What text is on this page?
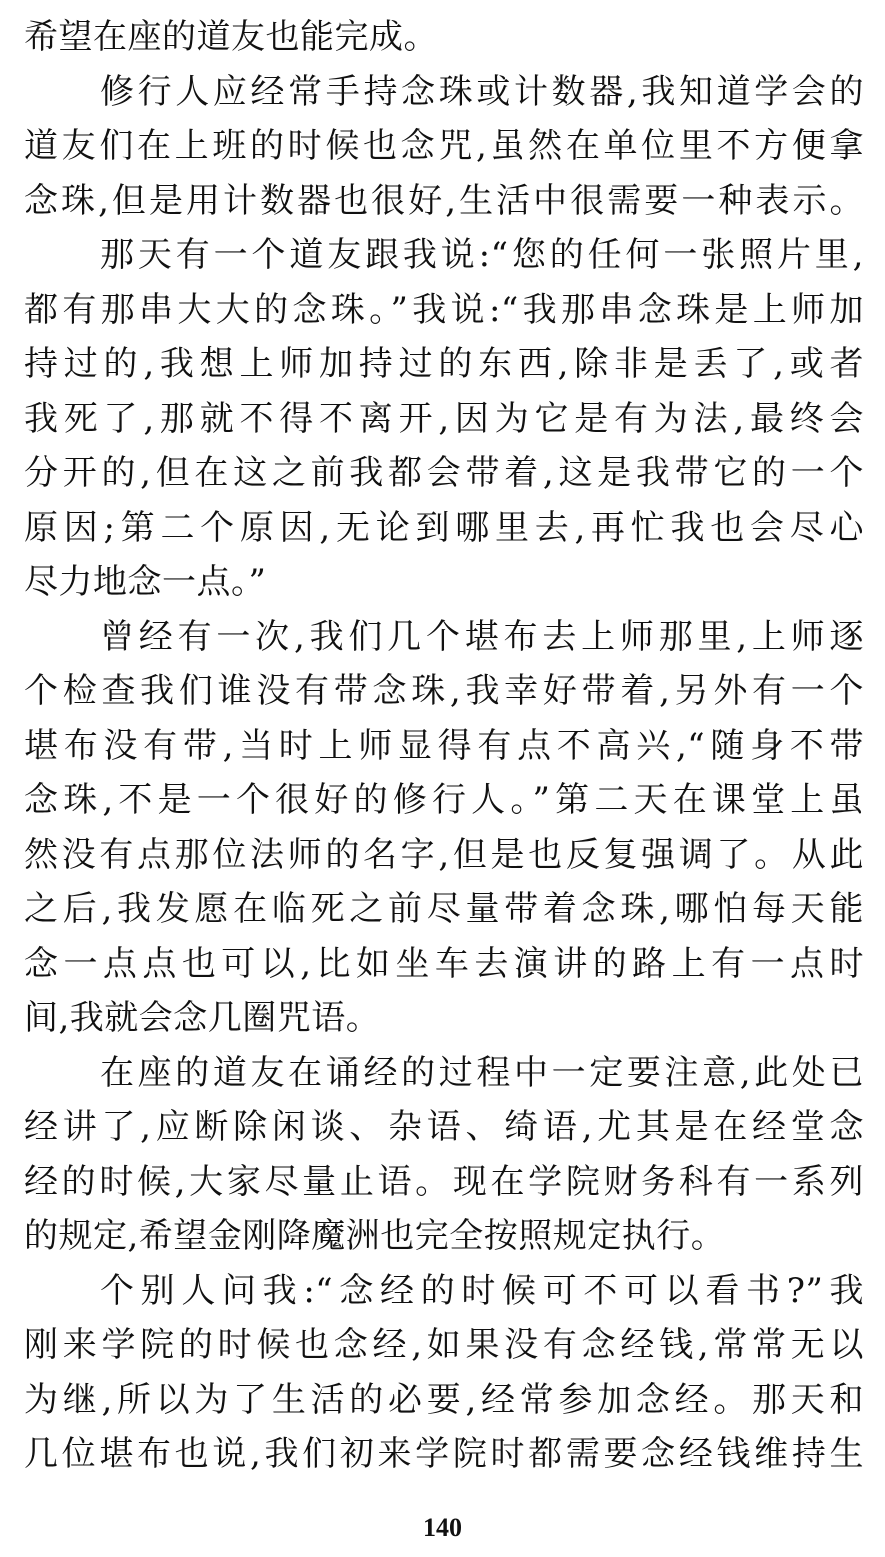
希望在座的道友也能完成。
修行人应经常手持念珠或计数器,我知道学会的
道友们在上班的时候也念咒,虽然在单位里不方便拿
念珠,但是用计数器也很好,生活中很需要一种表示。
那天有一个道友跟我说:“您的任何一张照片里,
都有那串大大的念珠。”我说:“我那串念珠是上师加
持过的,我想上师加持过的东西,除非是丢了,或者
我死了,那就不得不离开,因为它是有为法,最终会
分开的,但在这之前我都会带着,这是我带它的一个
原因;第二个原因,无论到哪里去,再忙我也会尽心
尽力地念一点。”
曾经有一次,我们几个堪布去上师那里,上师逐
个检查我们谁没有带念珠,我幸好带着,另外有一个
堪布没有带,当时上师显得有点不高兴,“随身不带
念珠,不是一个很好的修行人。”第二天在课堂上虽
然没有点那位法师的名字,但是也反复强调了。从此
之后,我发愿在临死之前尽量带着念珠,哪怕每天能
念一点点也可以,比如坐车去演讲的路上有一点时
间,我就会念几圈咒语。
在座的道友在诵经的过程中一定要注意,此处已
经讲了,应断除闲谈、杂语、绮语,尤其是在经堂念
经的时候,大家尽量止语。现在学院财务科有一系列
的规定,希望金刚降魔洲也完全按照规定执行。
个别人问我:“念经的时候可不可以看书?”我
刚来学院的时候也念经,如果没有念经钱,常常无以
为继,所以为了生活的必要,经常参加念经。那天和
几位堪布也说,我们初来学院时都需要念经钱维持生
140
